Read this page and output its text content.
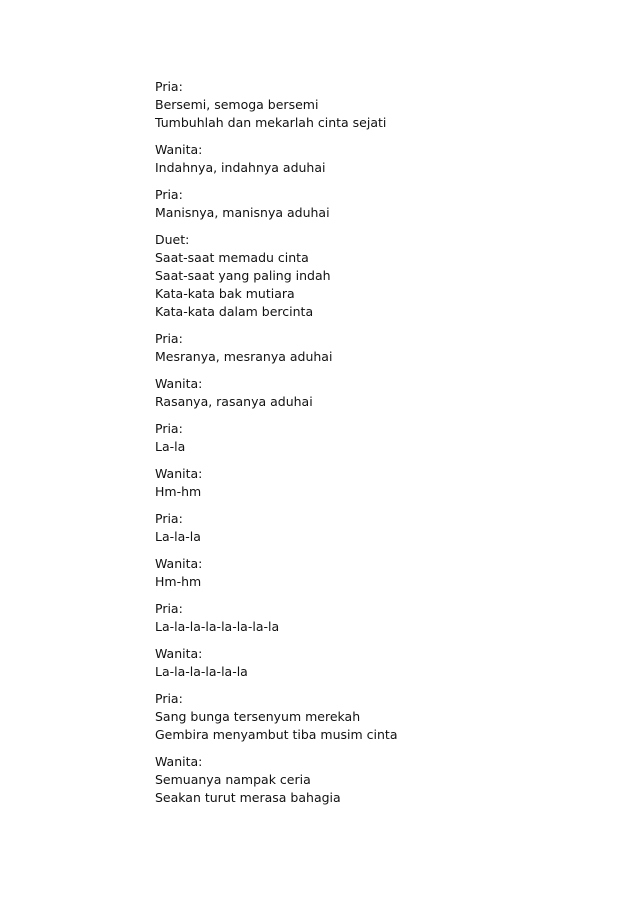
Pria:
Bersemi, semoga bersemi
Tumbuhlah dan mekarlah cinta sejati
Wanita:
Indahnya, indahnya aduhai
Pria:
Manisnya, manisnya aduhai
Duet:
Saat-saat memadu cinta
Saat-saat yang paling indah
Kata-kata bak mutiara
Kata-kata dalam bercinta
Pria:
Mesranya, mesranya aduhai
Wanita:
Rasanya, rasanya aduhai
Pria:
La-la
Wanita:
Hm-hm
Pria:
La-la-la
Wanita:
Hm-hm
Pria:
La-la-la-la-la-la-la-la
Wanita:
La-la-la-la-la-la
Pria:
Sang bunga tersenyum merekah
Gembira menyambut tiba musim cinta
Wanita:
Semuanya nampak ceria
Seakan turut merasa bahagia
